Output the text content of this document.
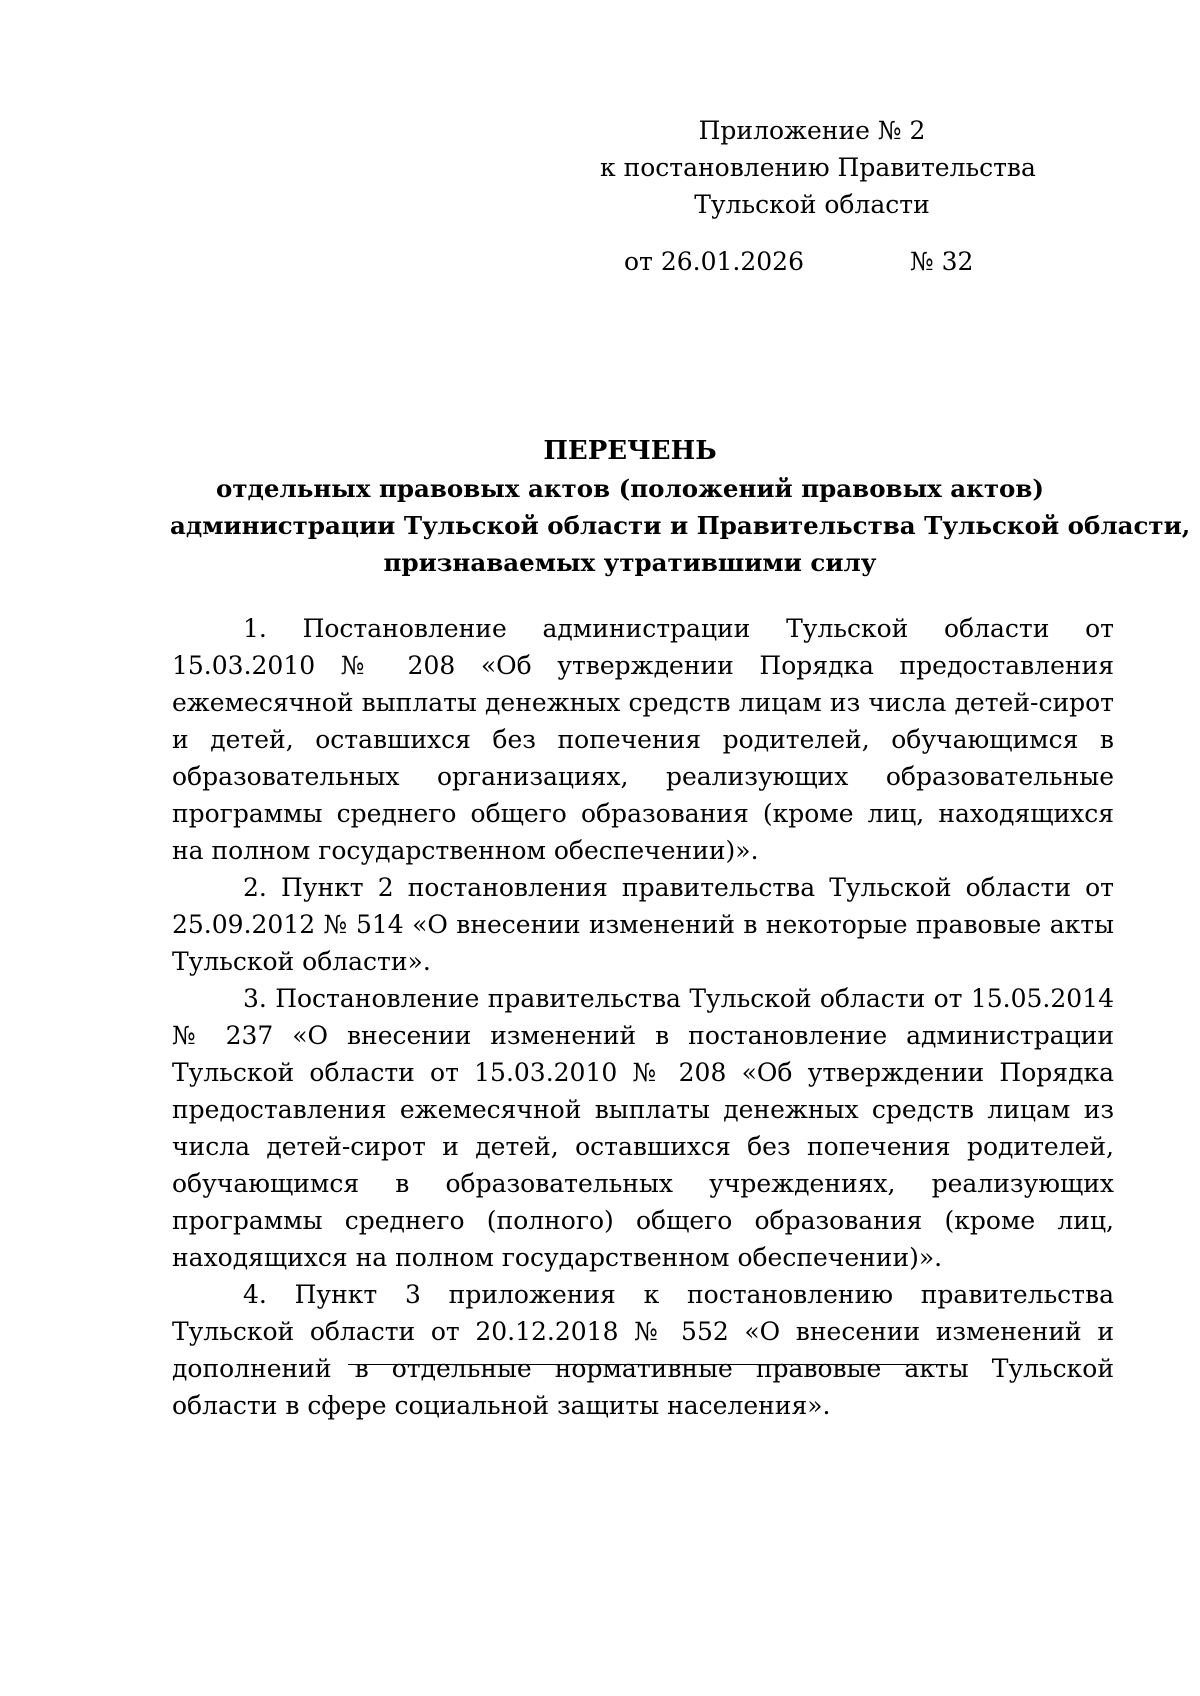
Приложение № 2
к постановлению Правительства
Тульской области
от 26.01.2026	№ 32
ПЕРЕЧЕНЬ
отдельных правовых актов (положений правовых актов)
администрации Тульской области и Правительства Тульской области,
признаваемых утратившими силу

1. Постановление администрации Тульской области от 15.03.2010 № 208 «Об утверждении Порядка предоставления ежемесячной выплаты денежных средств лицам из числа детей-сирот и детей, оставшихся без попечения родителей, обучающимся в образовательных организациях, реализующих образовательные программы среднего общего образования (кроме лиц, находящихся на полном государственном обеспечении)».

2. Пункт 2 постановления правительства Тульской области от 25.09.2012 № 514 «О внесении изменений в некоторые правовые акты Тульской области».

3. Постановление правительства Тульской области от 15.05.2014 № 237 «О внесении изменений в постановление администрации Тульской области от 15.03.2010 № 208 «Об утверждении Порядка предоставления ежемесячной выплаты денежных средств лицам из числа детей-сирот и детей, оставшихся без попечения родителей, обучающимся в образовательных учреждениях, реализующих программы среднего (полного) общего образования (кроме лиц, находящихся на полном государственном обеспечении)».

4. Пункт 3 приложения к постановлению правительства Тульской области от 20.12.2018 № 552 «О внесении изменений и дополнений в отдельные нормативные правовые акты Тульской области в сфере социальной защиты населения».
